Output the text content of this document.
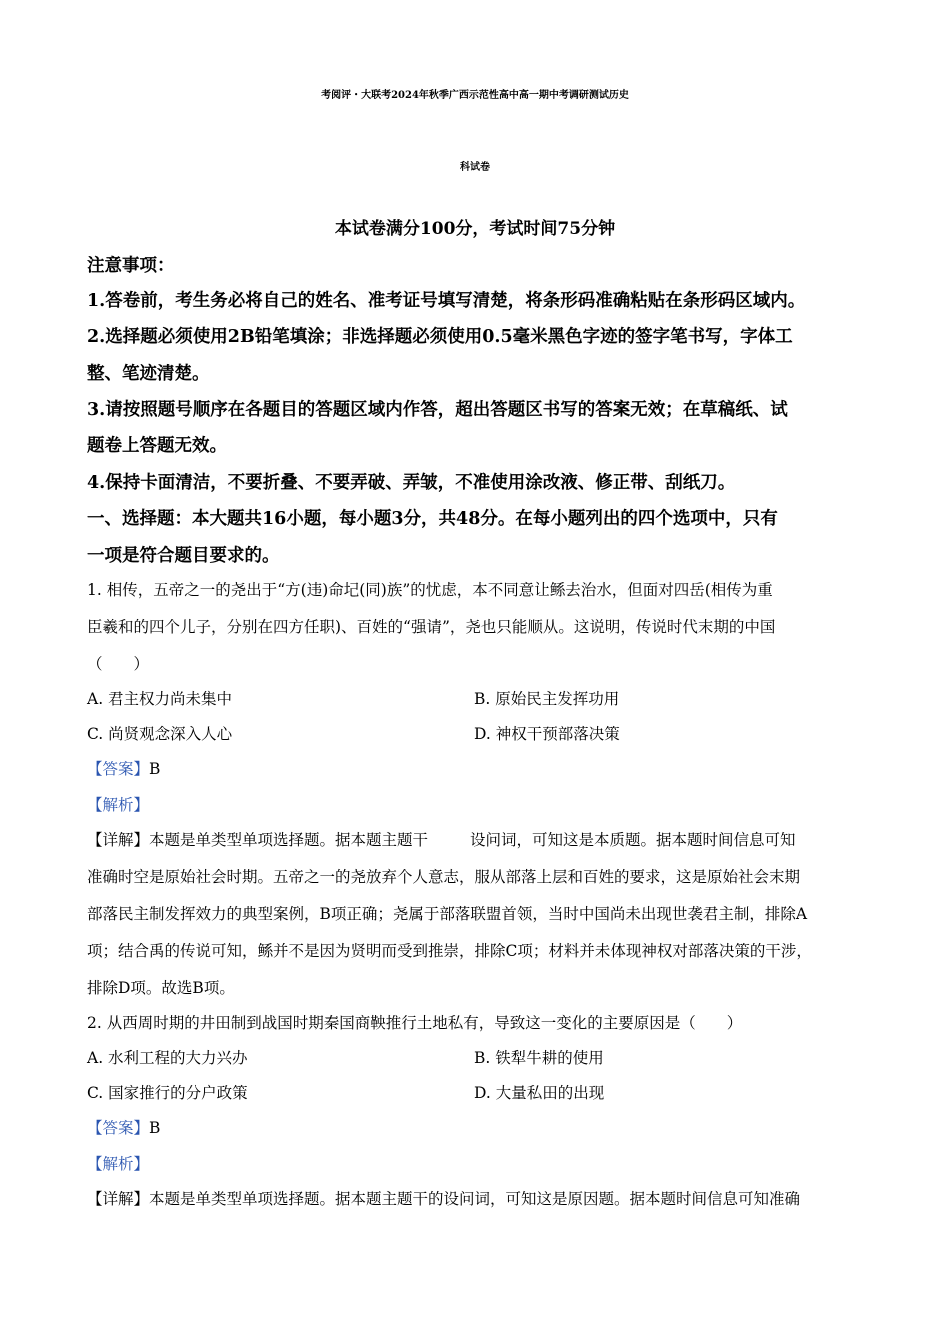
考阅评・大联考2024年秋季广西示范性高中高一期中考调研测试历史
科试卷
本试卷满分100分，考试时间75分钟
注意事项：
1.答卷前，考生务必将自己的姓名、准考证号填写清楚，将条形码准确粘贴在条形码区域内。
2.选择题必须使用2B铅笔填涂；非选择题必须使用0.5毫米黑色字迹的签字笔书写，字体工
整、笔迹清楚。
3.请按照题号顺序在各题目的答题区域内作答，超出答题区书写的答案无效；在草稿纸、试
题卷上答题无效。
4.保持卡面清洁，不要折叠、不要弄破、弄皱，不准使用涂改液、修正带、刮纸刀。
一、选择题：本大题共16小题，每小题3分，共48分。在每小题列出的四个选项中，只有
一项是符合题目要求的。
1. 相传，五帝之一的尧出于“方(违)命圮(同)族”的忧虑，本不同意让鲧去治水，但面对四岳(相传为重
臣羲和的四个儿子，分别在四方任职)、百姓的“强请”，尧也只能顺从。这说明，传说时代末期的中国
（　　）
A. 君主权力尚未集中	B. 原始民主发挥功用
C. 尚贤观念深入人心	D. 神权干预部落决策
【答案】B
【解析】
【详解】本题是单类型单项选择题。据本题主题干	设问词，可知这是本质题。据本题时间信息可知
准确时空是原始社会时期。五帝之一的尧放弃个人意志，服从部落上层和百姓的要求，这是原始社会末期
部落民主制发挥效力的典型案例，B项正确；尧属于部落联盟首领，当时中国尚未出现世袭君主制，排除A
项；结合禹的传说可知，鲧并不是因为贤明而受到推崇，排除C项；材料并未体现神权对部落决策的干涉，
排除D项。故选B项。
2. 从西周时期的井田制到战国时期秦国商鞅推行土地私有，导致这一变化的主要原因是（　　）
A. 水利工程的大力兴办	B. 铁犁牛耕的使用
C. 国家推行的分户政策	D. 大量私田的出现
【答案】B
【解析】
【详解】本题是单类型单项选择题。据本题主题干的设问词，可知这是原因题。据本题时间信息可知准确
